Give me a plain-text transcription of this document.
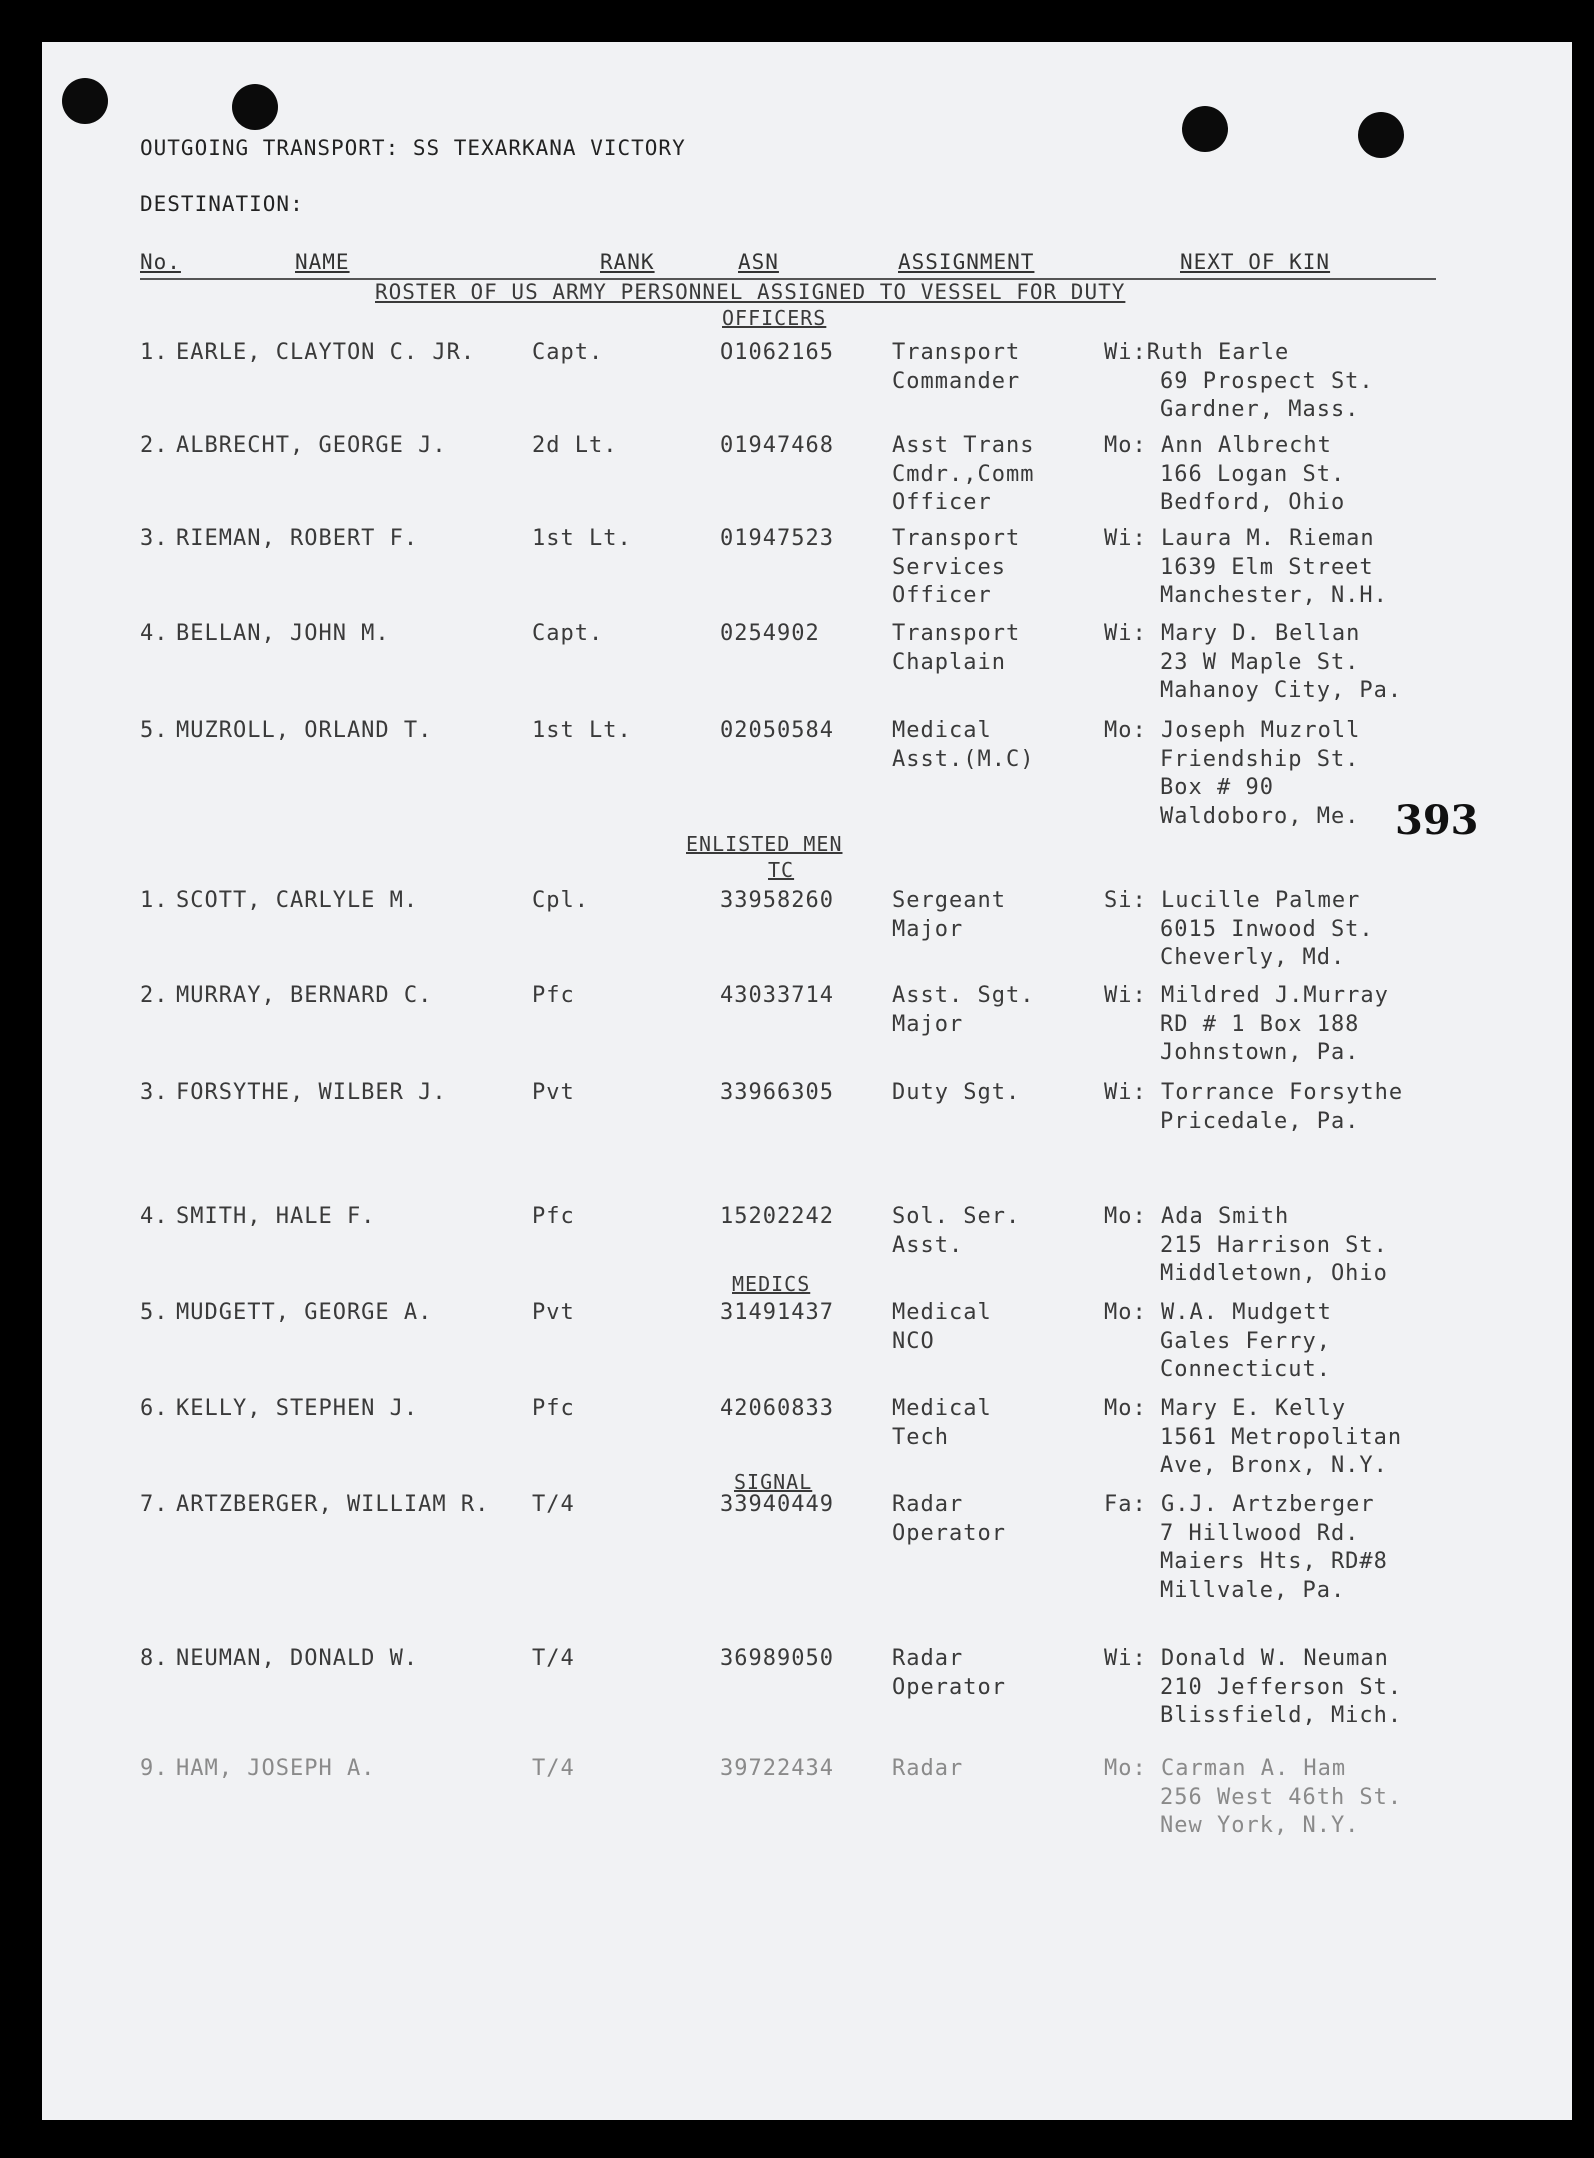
OUTGOING TRANSPORT: SS TEXARKANA VICTORY
DESTINATION:
No.	NAME	RANK	ASN	ASSIGNMENT	NEXT OF KIN
ROSTER OF US ARMY PERSONNEL ASSIGNED TO VESSEL FOR DUTY
OFFICERS
ENLISTED MEN
TC
MEDICS
SIGNAL
393
1. EARLE, CLAYTON C. JR.	Capt.	O1062165	Transport
Commander
Wi:Ruth Earle
69 Prospect St.
Gardner, Mass.
2. ALBRECHT, GEORGE J.	2d Lt.	01947468	Asst Trans
Cmdr.,Comm
Officer
Mo: Ann Albrecht
166 Logan St.
Bedford, Ohio
3. RIEMAN, ROBERT F.	1st Lt.	01947523	Transport
Services
Officer
Wi: Laura M. Rieman
1639 Elm Street
Manchester, N.H.
4. BELLAN, JOHN M.	Capt.	0254902	Transport
Chaplain
Wi: Mary D. Bellan
23 W Maple St.
Mahanoy City, Pa.
5. MUZROLL, ORLAND T.	1st Lt.	02050584	Medical
Asst.(M.C)
Mo: Joseph Muzroll
Friendship St.
Box # 90
Waldoboro, Me.
1. SCOTT, CARLYLE M.	Cpl.	33958260	Sergeant
Major
Si: Lucille Palmer
6015 Inwood St.
Cheverly, Md.
2. MURRAY, BERNARD C.	Pfc	43033714	Asst. Sgt.
Major
Wi: Mildred J.Murray
RD # 1 Box 188
Johnstown, Pa.
3. FORSYTHE, WILBER J.	Pvt	33966305	Duty Sgt.	Wi: Torrance Forsythe
Pricedale, Pa.
4. SMITH, HALE F.	Pfc	15202242	Sol. Ser.
Asst.
Mo: Ada Smith
215 Harrison St.
Middletown, Ohio
5. MUDGETT, GEORGE A.	Pvt	31491437	Medical
NCO
Mo: W.A. Mudgett
Gales Ferry,
Connecticut.
6. KELLY, STEPHEN J.	Pfc	42060833	Medical
Tech
Mo: Mary E. Kelly
1561 Metropolitan
Ave, Bronx, N.Y.
7. ARTZBERGER, WILLIAM R. T/4	33940449	Radar
Operator
Fa: G.J. Artzberger
7 Hillwood Rd.
Maiers Hts, RD#8
Millvale, Pa.
8. NEUMAN, DONALD W.	T/4	36989050	Radar
Operator
Wi: Donald W. Neuman
210 Jefferson St.
Blissfield, Mich.
9. HAM, JOSEPH A.	T/4	39722434	Radar	Mo: Carman A. Ham
256 West 46th St.
New York, N.Y.
